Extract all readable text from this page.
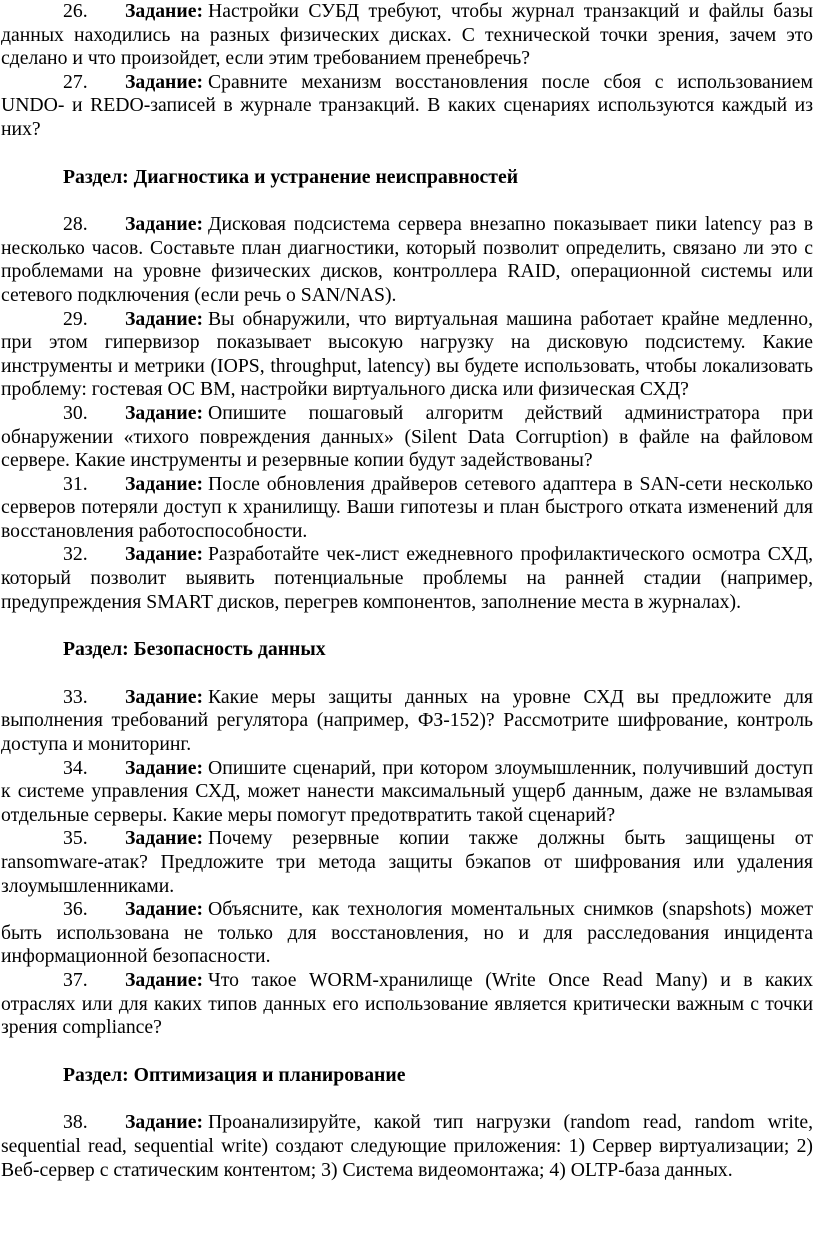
26. Задание: Настройки СУБД требуют, чтобы журнал транзакций и файлы базы данных находились на разных физических дисках. С технической точки зрения, зачем это сделано и что произойдет, если этим требованием пренебречь?

27. Задание: Сравните механизм восстановления после сбоя с использованием UNDO- и REDO-записей в журнале транзакций. В каких сценариях используются каждый из них?

Раздел: Диагностика и устранение неисправностей

28. Задание: Дисковая подсистема сервера внезапно показывает пики latency раз в несколько часов. Составьте план диагностики, который позволит определить, связано ли это с проблемами на уровне физических дисков, контроллера RAID, операционной системы или сетевого подключения (если речь о SAN/NAS).

29. Задание: Вы обнаружили, что виртуальная машина работает крайне медленно, при этом гипервизор показывает высокую нагрузку на дисковую подсистему. Какие инструменты и метрики (IOPS, throughput, latency) вы будете использовать, чтобы локализовать проблему: гостевая ОС ВМ, настройки виртуального диска или физическая СХД?

30. Задание: Опишите пошаговый алгоритм действий администратора при обнаружении «тихого повреждения данных» (Silent Data Corruption) в файле на файловом сервере. Какие инструменты и резервные копии будут задействованы?

31. Задание: После обновления драйверов сетевого адаптера в SAN-сети несколько серверов потеряли доступ к хранилищу. Ваши гипотезы и план быстрого отката изменений для восстановления работоспособности.

32. Задание: Разработайте чек-лист ежедневного профилактического осмотра СХД, который позволит выявить потенциальные проблемы на ранней стадии (например, предупреждения SMART дисков, перегрев компонентов, заполнение места в журналах).

Раздел: Безопасность данных

33. Задание: Какие меры защиты данных на уровне СХД вы предложите для выполнения требований регулятора (например, ФЗ-152)? Рассмотрите шифрование, контроль доступа и мониторинг.

34. Задание: Опишите сценарий, при котором злоумышленник, получивший доступ к системе управления СХД, может нанести максимальный ущерб данным, даже не взламывая отдельные серверы. Какие меры помогут предотвратить такой сценарий?

35. Задание: Почему резервные копии также должны быть защищены от ransomware-атак? Предложите три метода защиты бэкапов от шифрования или удаления злоумышленниками.

36. Задание: Объясните, как технология моментальных снимков (snapshots) может быть использована не только для восстановления, но и для расследования инцидента информационной безопасности.

37. Задание: Что такое WORM-хранилище (Write Once Read Many) и в каких отраслях или для каких типов данных его использование является критически важным с точки зрения compliance?

Раздел: Оптимизация и планирование

38. Задание: Проанализируйте, какой тип нагрузки (random read, random write, sequential read, sequential write) создают следующие приложения: 1) Сервер виртуализации; 2) Веб-сервер с статическим контентом; 3) Система видеомонтажа; 4) OLTP-база данных.
